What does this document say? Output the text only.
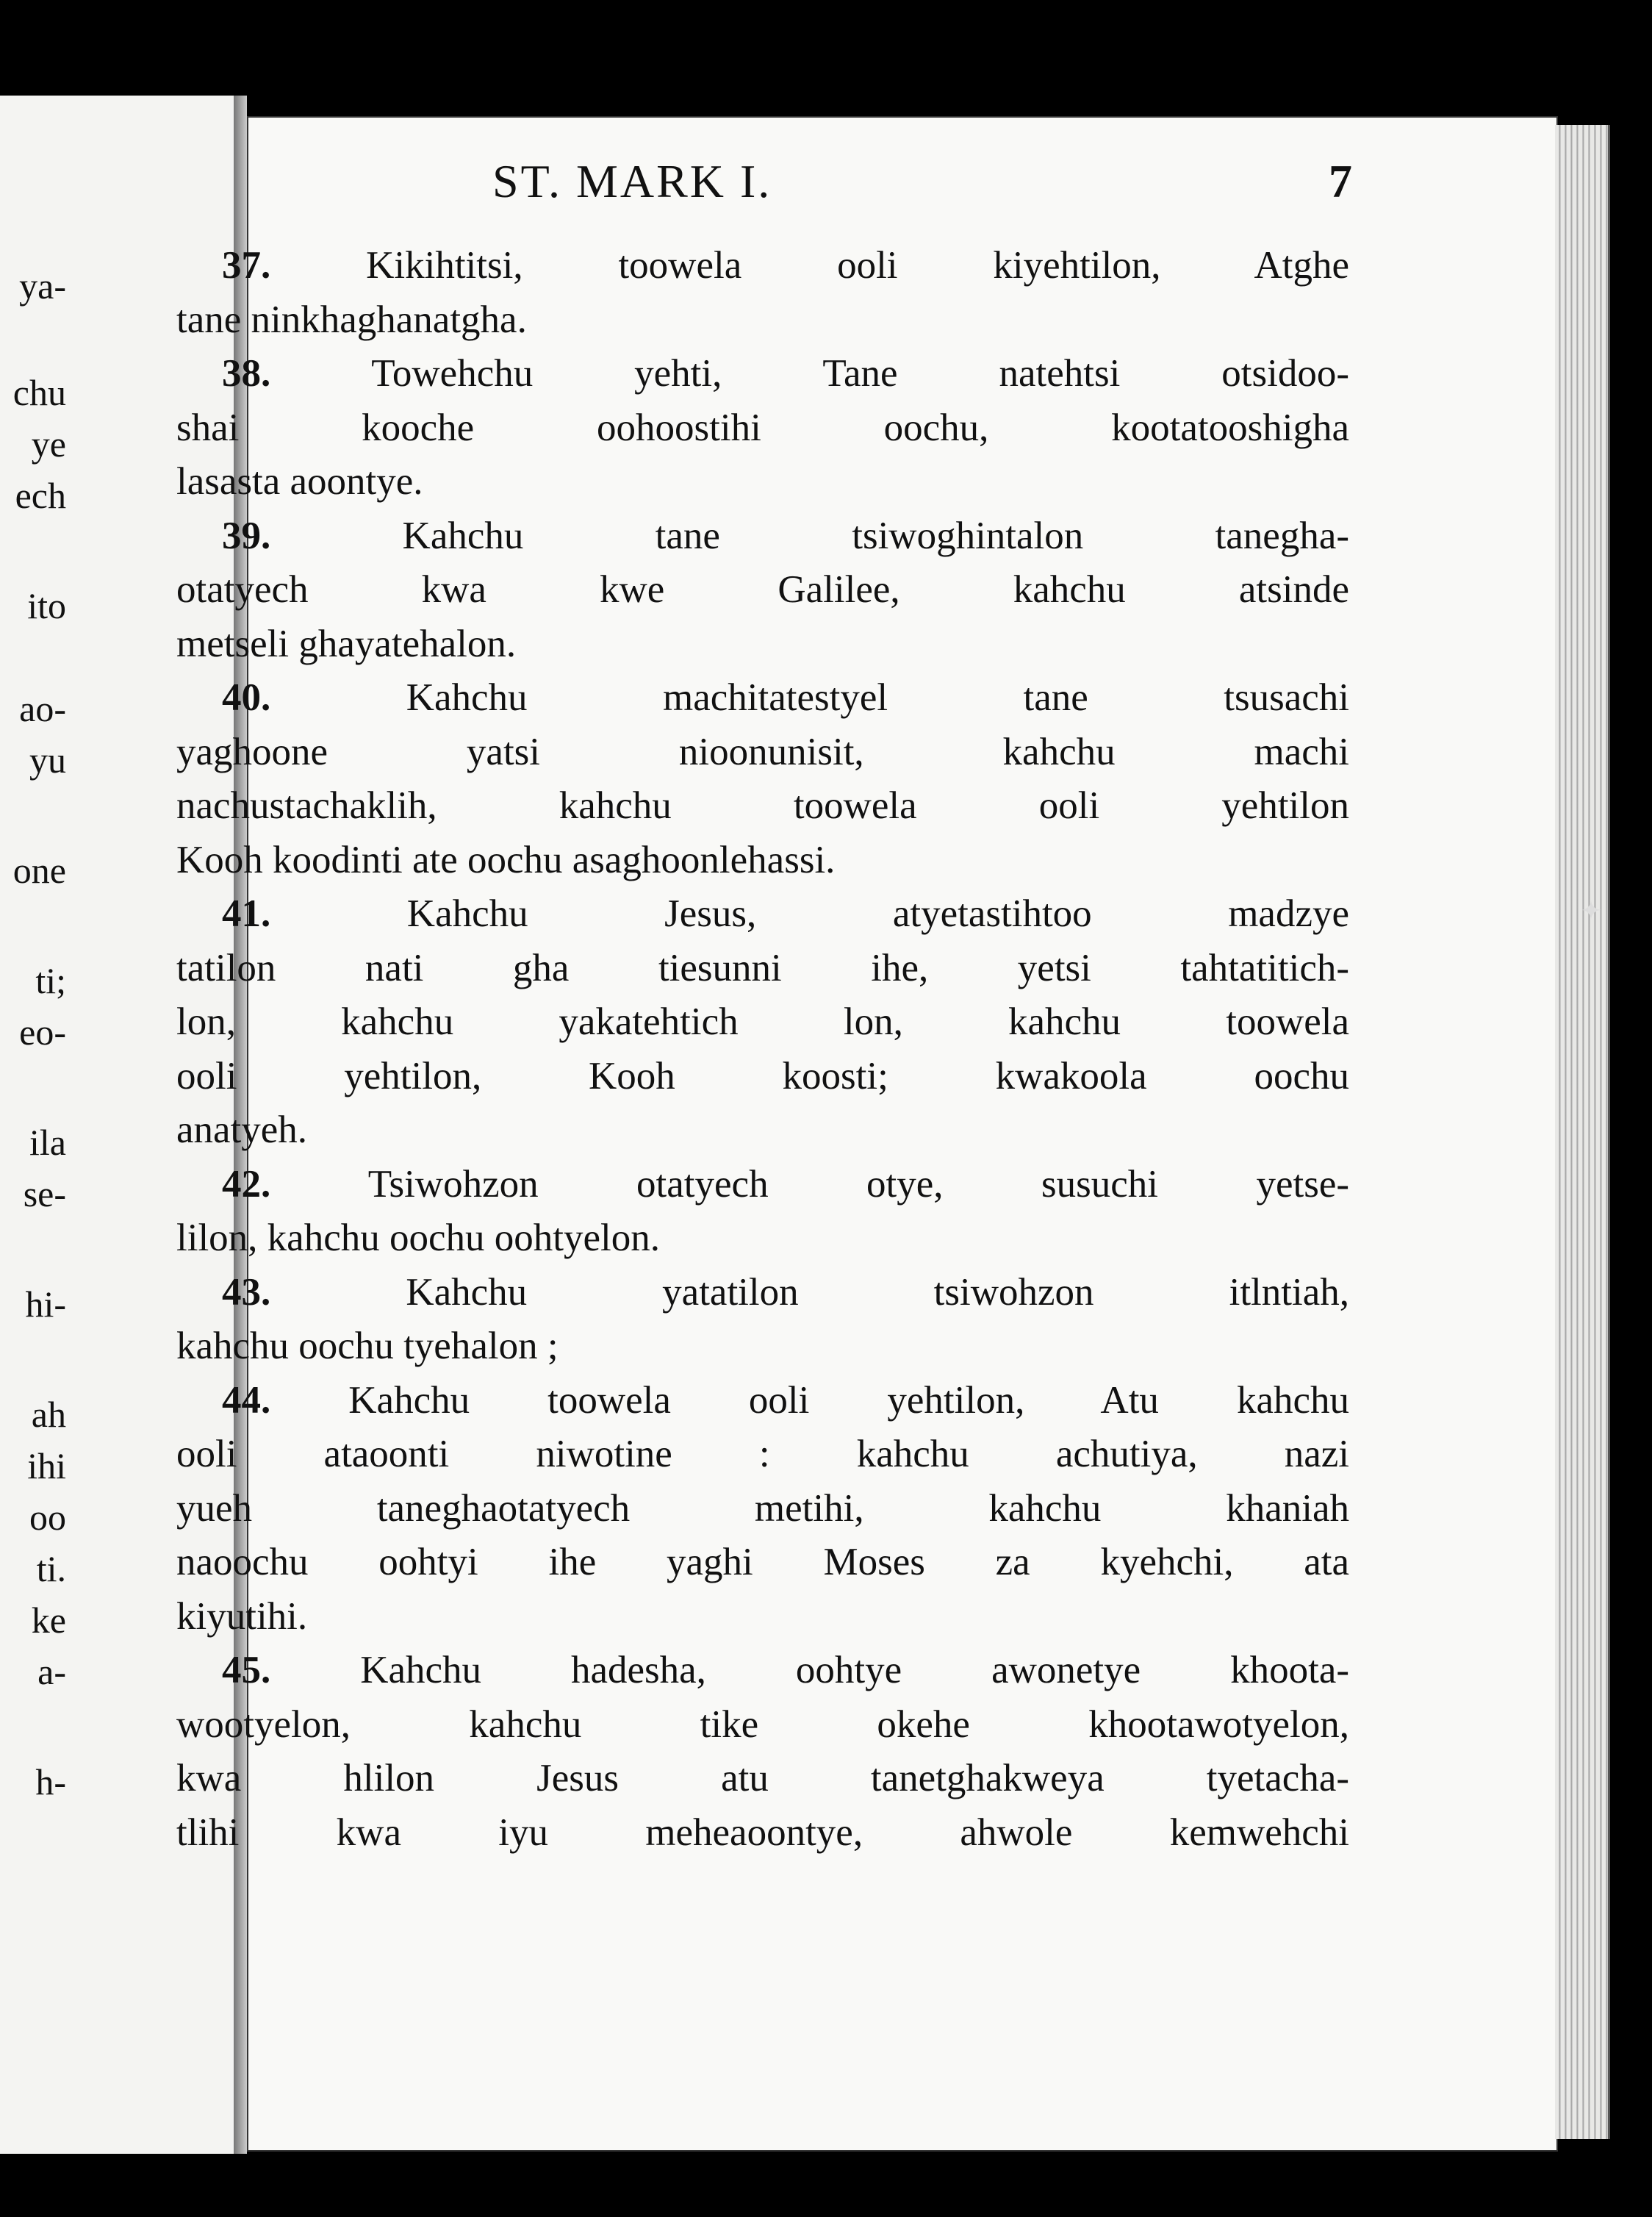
ya-
chu
ye
ech
ito
ao-
yu
one
ti;
eo-
ila
se-
hi-
ah
ihi
oo
ti.
ke
a-
h-
✦
ST. MARK I.	7
37. Kikihtitsi, toowela ooli kiyehtilon, Atghe
tane ninkhaghanatgha.
38.	Towehchu yehti, Tane natehtsi otsidoo-
shai kooche oohoostihi oochu, kootatooshigha
lasasta aoontye.
39.	Kahchu tane tsiwoghintalon tanegha-
otatyech kwa kwe Galilee, kahchu atsinde
metseli ghayatehalon.
40.	Kahchu machitatestyel tane tsusachi
yaghoone yatsi nioonunisit, kahchu machi
nachustachaklih, kahchu toowela ooli yehtilon
Kooh koodinti ate oochu asaghoonlehassi.
41.	Kahchu Jesus, atyetastihtoo madzye
tatilon nati gha tiesunni ihe, yetsi tahtatitich-
lon, kahchu yakatehtich lon, kahchu toowela
ooli yehtilon, Kooh koosti; kwakoola oochu
anatyeh.
42.	Tsiwohzon otatyech otye, susuchi yetse-
lilon, kahchu oochu oohtyelon.
43.	Kahchu yatatilon tsiwohzon itlntiah,
kahchu oochu tyehalon ;
44. Kahchu toowela ooli yehtilon, Atu kahchu
ooli ataoonti niwotine : kahchu achutiya, nazi
yueh taneghaotatyech metihi, kahchu khaniah
naoochu oohtyi ihe yaghi Moses za kyehchi, ata
kiyutihi.
45. Kahchu hadesha, oohtye awonetye khoota-
wootyelon, kahchu tike okehe khootawotyelon,
kwa hlilon Jesus atu tanetghakweya tyetacha-
tlihi kwa iyu meheaoontye, ahwole kemwehchi
